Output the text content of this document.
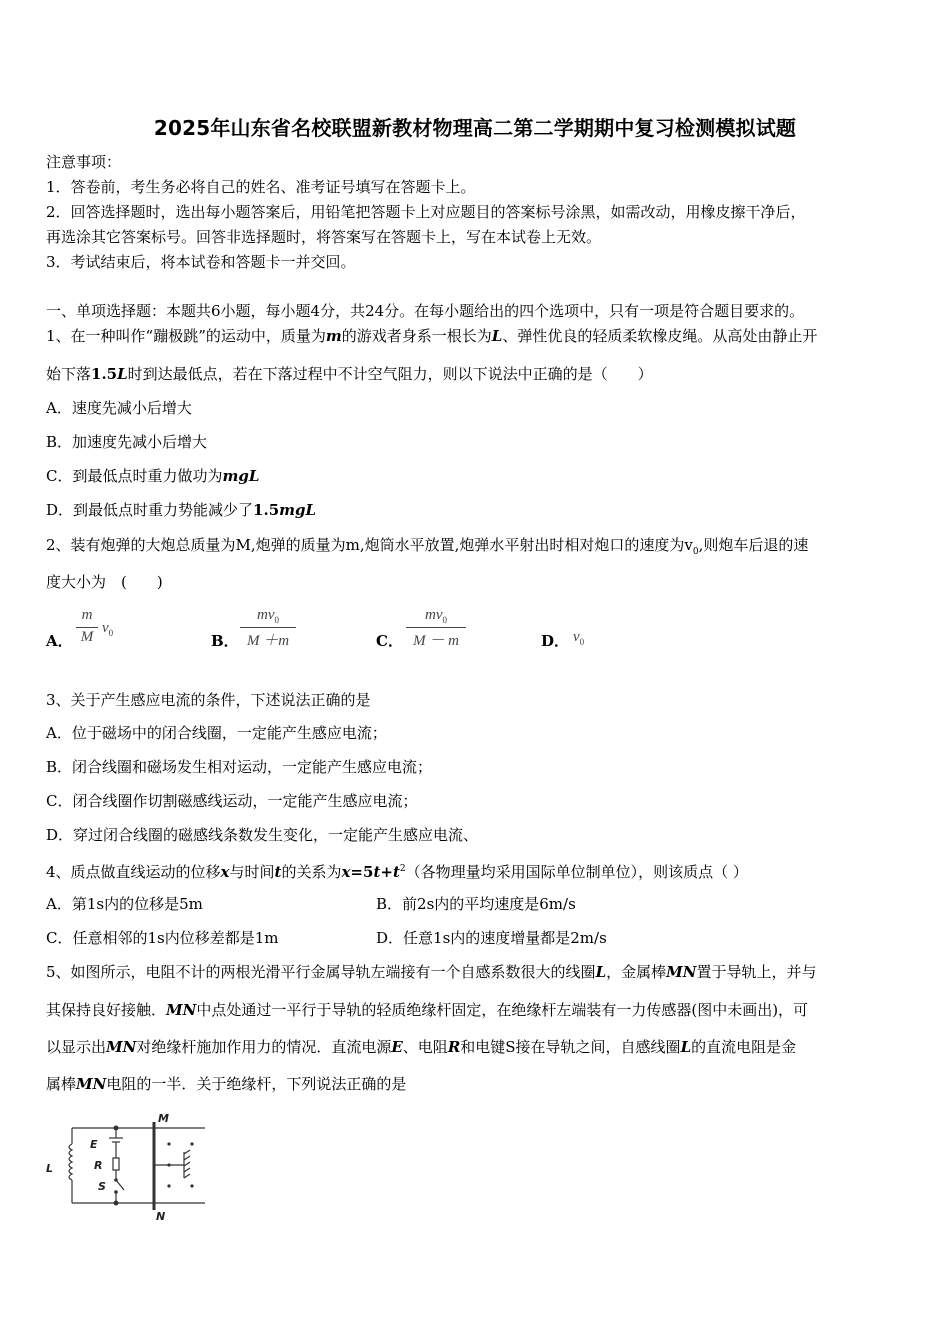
2025年山东省名校联盟新教材物理高二第二学期期中复习检测模拟试题
注意事项：
1．答卷前，考生务必将自己的姓名、准考证号填写在答题卡上。
2．回答选择题时，选出每小题答案后，用铅笔把答题卡上对应题目的答案标号涂黑，如需改动，用橡皮擦干净后，
再选涂其它答案标号。回答非选择题时，将答案写在答题卡上，写在本试卷上无效。
3．考试结束后，将本试卷和答题卡一并交回。
一、单项选择题：本题共6小题，每小题4分，共24分。在每小题给出的四个选项中，只有一项是符合题目要求的。
1、在一种叫作“蹦极跳”的运动中，质量为m的游戏者身系一根长为L、弹性优良的轻质柔软橡皮绳。从高处由静止开
始下落1.5L时到达最低点，若在下落过程中不计空气阻力，则以下说法中正确的是（　　）
A．速度先减小后增大
B．加速度先减小后增大
C．到最低点时重力做功为mgL
D．到最低点时重力势能减少了1.5mgL
2、装有炮弹的大炮总质量为M,炮弹的质量为m,炮筒水平放置,炮弹水平射出时相对炮口的速度为$v_0$,则炮车后退的速
度大小为　(　　)
A．
m
M
$v_0$	B．
$mv_0$
M ＋m	C．
$mv_0$
M － m	D． $v_0$
3、关于产生感应电流的条件，下述说法正确的是
A．位于磁场中的闭合线圈，一定能产生感应电流；
B．闭合线圈和磁场发生相对运动，一定能产生感应电流；
C．闭合线圈作切割磁感线运动，一定能产生感应电流；
D．穿过闭合线圈的磁感线条数发生变化，一定能产生感应电流、
4、质点做直线运动的位移x与时间t的关系为$x=5t+t^2$（各物理量均采用国际单位制单位），则该质点（ ）
A．第1s内的位移是5m	B．前2s内的平均速度是6m/s
C．任意相邻的1s内位移差都是1m	D．任意1s内的速度增量都是2m/s
5、如图所示，电阻不计的两根光滑平行金属导轨左端接有一个自感系数很大的线圈L，金属棒MN置于导轨上，并与
其保持良好接触．MN中点处通过一平行于导轨的轻质绝缘杆固定，在绝缘杆左端装有一力传感器(图中未画出)，可
以显示出MN对绝缘杆施加作用力的情况．直流电源E、电阻R和电键S接在导轨之间，自感线圈L的直流电阻是金
属棒MN电阻的一半．关于绝缘杆，下列说法正确的是
M
N
E
R
S
L
